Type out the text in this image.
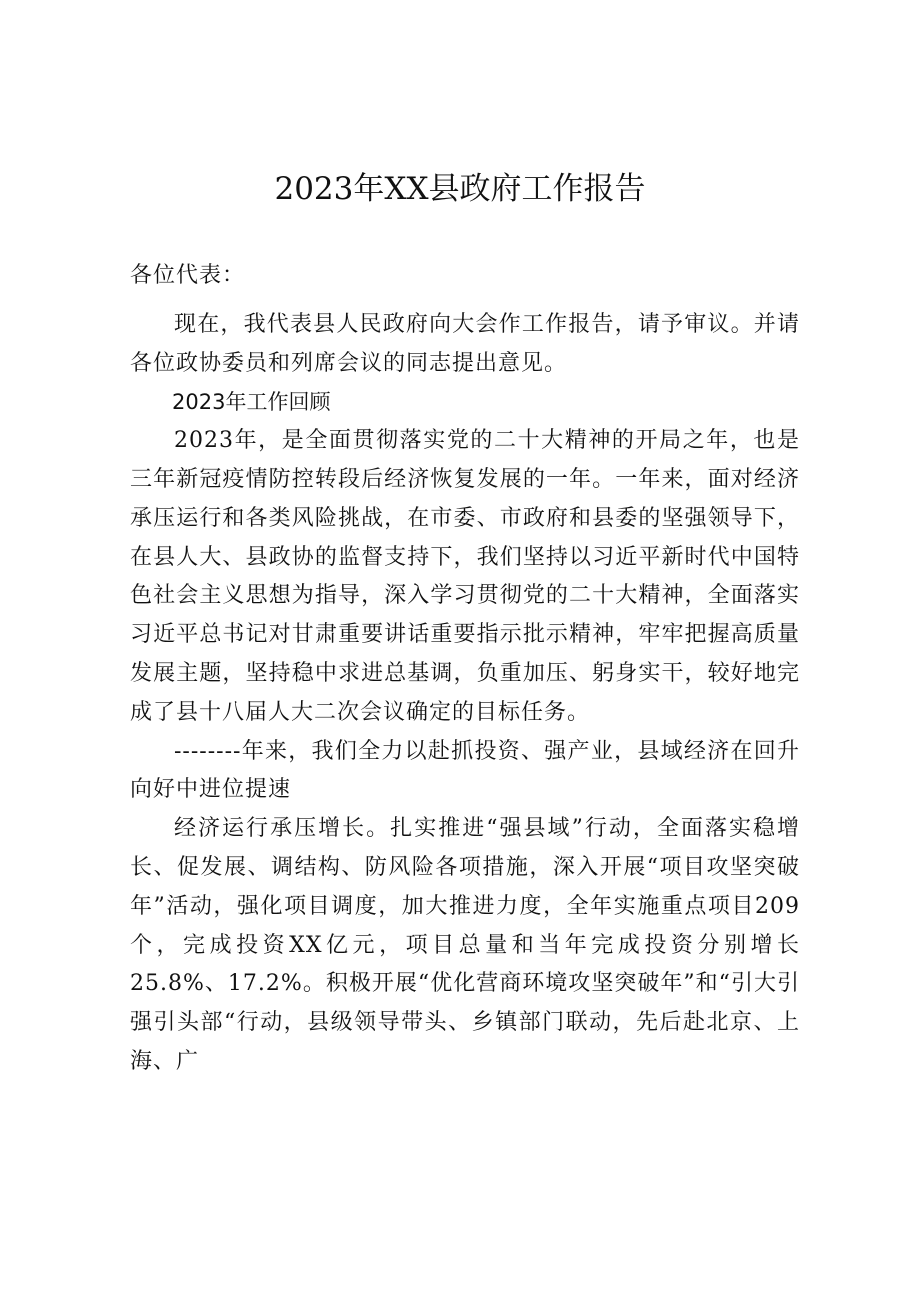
2023年XX县政府工作报告

各位代表：

现在，我代表县人民政府向大会作工作报告，请予审议。并请各位政协委员和列席会议的同志提出意见。

2023年工作回顾

2023年，是全面贯彻落实党的二十大精神的开局之年，也是三年新冠疫情防控转段后经济恢复发展的一年。一年来，面对经济承压运行和各类风险挑战，在市委、市政府和县委的坚强领导下，在县人大、县政协的监督支持下，我们坚持以习近平新时代中国特色社会主义思想为指导，深入学习贯彻党的二十大精神，全面落实习近平总书记对甘肃重要讲话重要指示批示精神，牢牢把握高质量发展主题，坚持稳中求进总基调，负重加压、躬身实干，较好地完成了县十八届人大二次会议确定的目标任务。

--------年来，我们全力以赴抓投资、强产业，县域经济在回升向好中进位提速

经济运行承压增长。扎实推进“强县域”行动，全面落实稳增长、促发展、调结构、防风险各项措施，深入开展“项目攻坚突破年”活动，强化项目调度，加大推进力度，全年实施重点项目209个，完成投资XX亿元，项目总量和当年完成投资分别增长25.8%、17.2%。积极开展“优化营商环境攻坚突破年”和“引大引强引头部“行动，县级领导带头、乡镇部门联动，先后赴北京、上海、广
